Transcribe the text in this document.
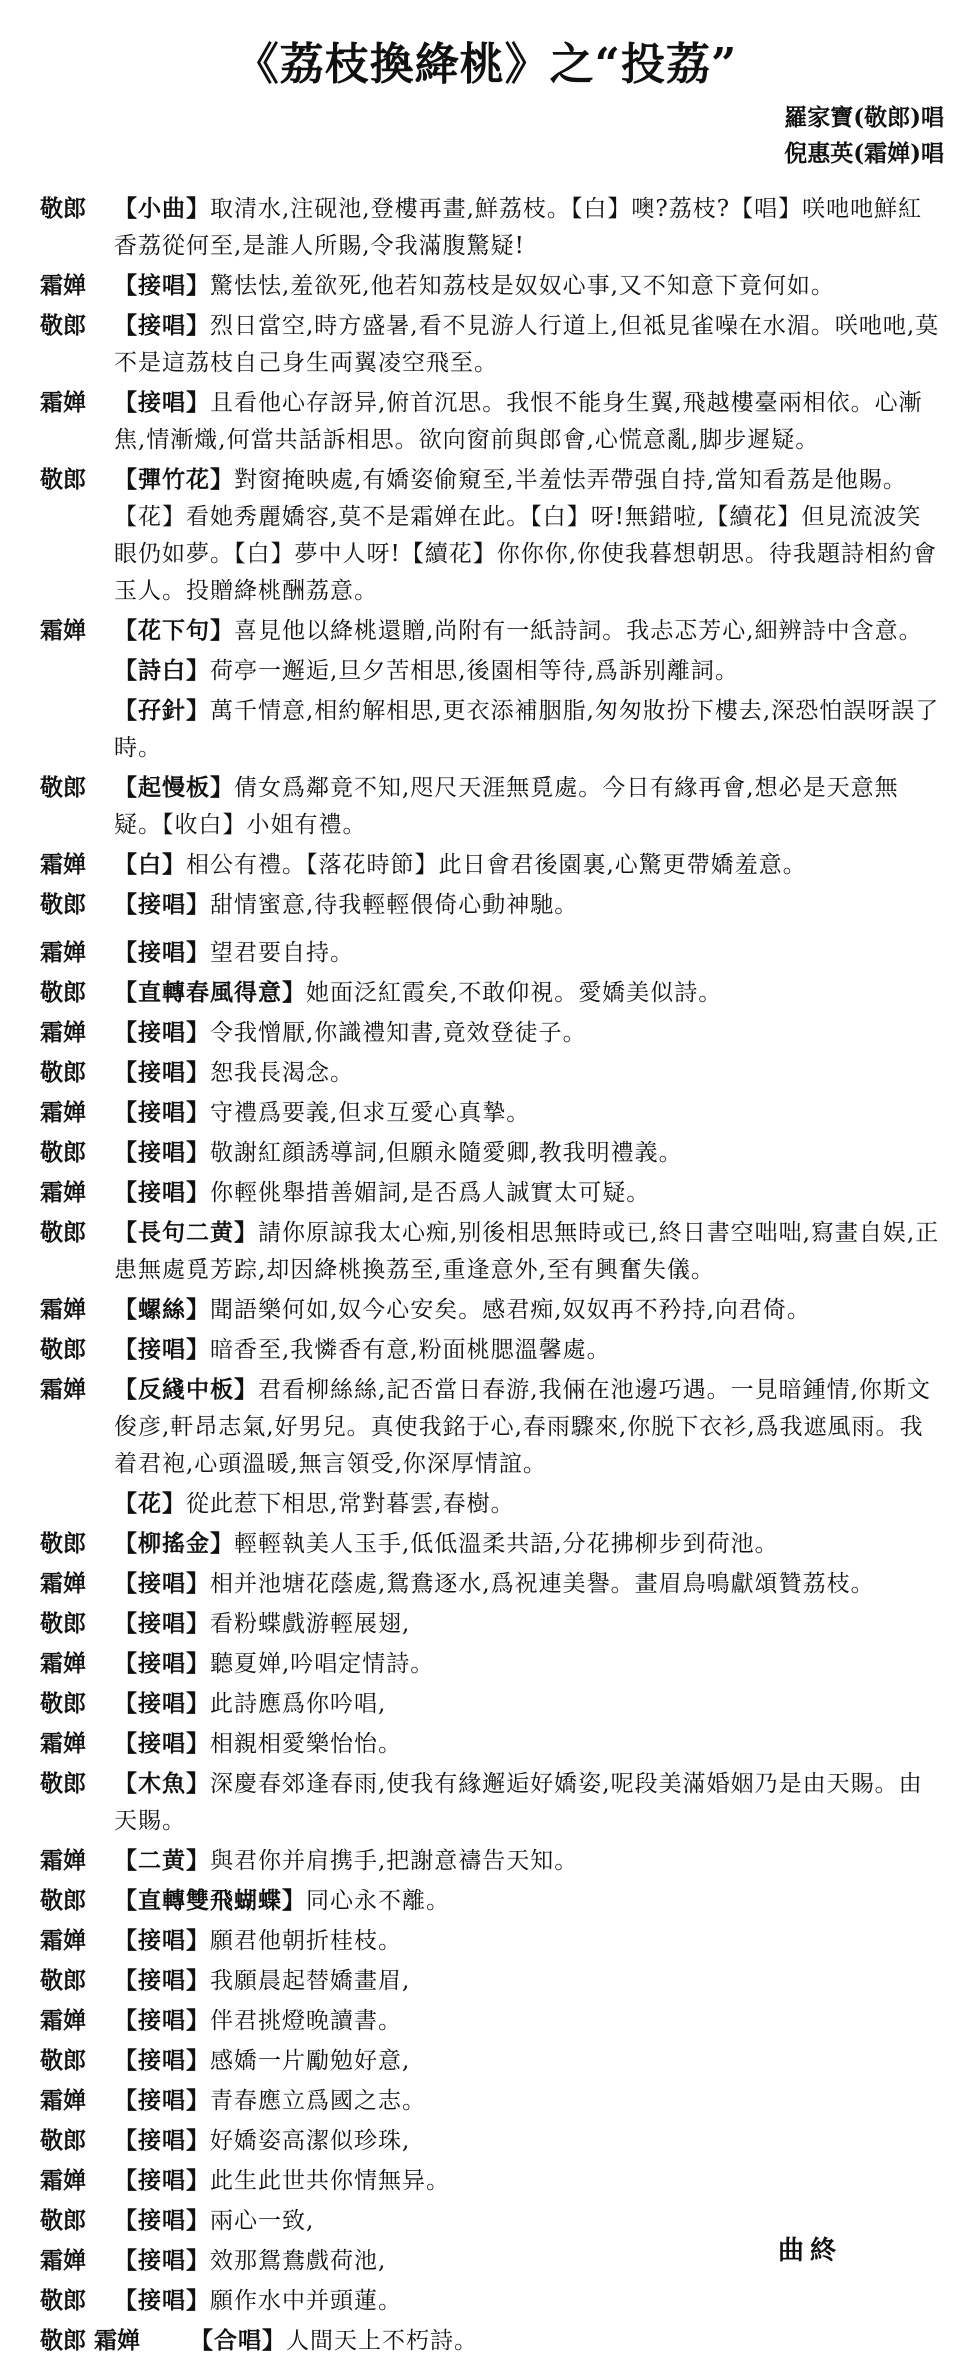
《荔枝換絳桃》之“投荔”
羅家寶(敬郎)唱
倪惠英(霜婵)唱
敬郎	【小曲】取清水,注砚池,登樓再畫,鮮荔枝。【白】噢?荔枝?【唱】咲吔吔鮮紅香荔從何至,是誰人所賜,令我滿腹驚疑!
霜婵	【接唱】驚怯怯,羞欲死,他若知荔枝是奴奴心事,又不知意下竟何如。
敬郎	【接唱】烈日當空,時方盛暑,看不見游人行道上,但祗見雀噪在水湄。咲吔吔,莫不是這荔枝自己身生両翼凌空飛至。
霜婵	【接唱】且看他心存訝异,俯首沉思。我恨不能身生翼,飛越樓臺兩相依。心漸焦,情漸熾,何當共話訴相思。欲向窗前與郎會,心慌意亂,脚步遲疑。
敬郎	【彈竹花】對窗掩映處,有嬌姿偷窺至,半羞怯弄帶强自持,當知看荔是他賜。【花】看她秀麗嬌容,莫不是霜婵在此。【白】呀!無錯啦,【續花】但見流波笑眼仍如夢。【白】夢中人呀!【續花】你你你,你使我暮想朝思。待我題詩相約會玉人。投贈絳桃酬荔意。
霜婵	【花下句】喜見他以絳桃還贈,尚附有一紙詩詞。我忐忑芳心,細辨詩中含意。
【詩白】荷亭一邂逅,旦夕苦相思,後園相等待,爲訴别離詞。
【孖針】萬千情意,相約解相思,更衣添補胭脂,匆匆妝扮下樓去,深恐怕誤呀誤了時。
敬郎	【起慢板】倩女爲鄰竟不知,咫尺天涯無覓處。今日有緣再會,想必是天意無疑。【收白】小姐有禮。
霜婵	【白】相公有禮。【落花時節】此日會君後園裏,心驚更帶嬌羞意。
敬郎	【接唱】甜情蜜意,待我輕輕偎倚心動神馳。
霜婵	【接唱】望君要自持。
敬郎	【直轉春風得意】她面泛紅霞矣,不敢仰視。愛嬌美似詩。
霜婵	【接唱】令我憎厭,你識禮知書,竟效登徒子。
敬郎	【接唱】恕我長渴念。
霜婵	【接唱】守禮爲要義,但求互愛心真摯。
敬郎	【接唱】敬謝紅顔誘導詞,但願永隨愛卿,教我明禮義。
霜婵	【接唱】你輕佻舉措善媚詞,是否爲人誠實太可疑。
敬郎	【長句二黄】請你原諒我太心痴,别後相思無時或已,終日書空咄咄,寫畫自娱,正患無處覓芳踪,却因絳桃換荔至,重逢意外,至有興奮失儀。
霜婵	【螺絲】聞語樂何如,奴今心安矣。感君痴,奴奴再不矜持,向君倚。
敬郎	【接唱】暗香至,我憐香有意,粉面桃腮溫馨處。
霜婵	【反綫中板】君看柳絲絲,記否當日春游,我倆在池邊巧遇。一見暗鍾情,你斯文俊彦,軒昂志氣,好男兒。真使我銘于心,春雨驟來,你脱下衣衫,爲我遮風雨。我着君袍,心頭溫暖,無言領受,你深厚情誼。
【花】從此惹下相思,常對暮雲,春樹。
敬郎	【柳搖金】輕輕執美人玉手,低低溫柔共語,分花拂柳步到荷池。
霜婵	【接唱】相并池塘花蔭處,鴛鴦逐水,爲祝連美譽。畫眉鳥鳴獻頌贊荔枝。
敬郎	【接唱】看粉蝶戲游輕展翅,
霜婵	【接唱】聽夏婵,吟唱定情詩。
敬郎	【接唱】此詩應爲你吟唱,
霜婵	【接唱】相親相愛樂怡怡。
敬郎	【木魚】深慶春郊逢春雨,使我有緣邂逅好嬌姿,呢段美滿婚姻乃是由天賜。由天賜。
霜婵	【二黄】與君你并肩携手,把謝意禱告天知。
敬郎	【直轉雙飛蝴蝶】同心永不離。
霜婵	【接唱】願君他朝折桂枝。
敬郎	【接唱】我願晨起替嬌畫眉,
霜婵	【接唱】伴君挑燈晚讀書。
敬郎	【接唱】感嬌一片勵勉好意,
霜婵	【接唱】青春應立爲國之志。
敬郎	【接唱】好嬌姿高潔似珍珠,
霜婵	【接唱】此生此世共你情無异。
敬郎	【接唱】兩心一致,
霜婵	【接唱】效那鴛鴦戲荷池,
敬郎	【接唱】願作水中并頭蓮。
敬郎 霜婵	【合唱】人間天上不朽詩。
曲終
